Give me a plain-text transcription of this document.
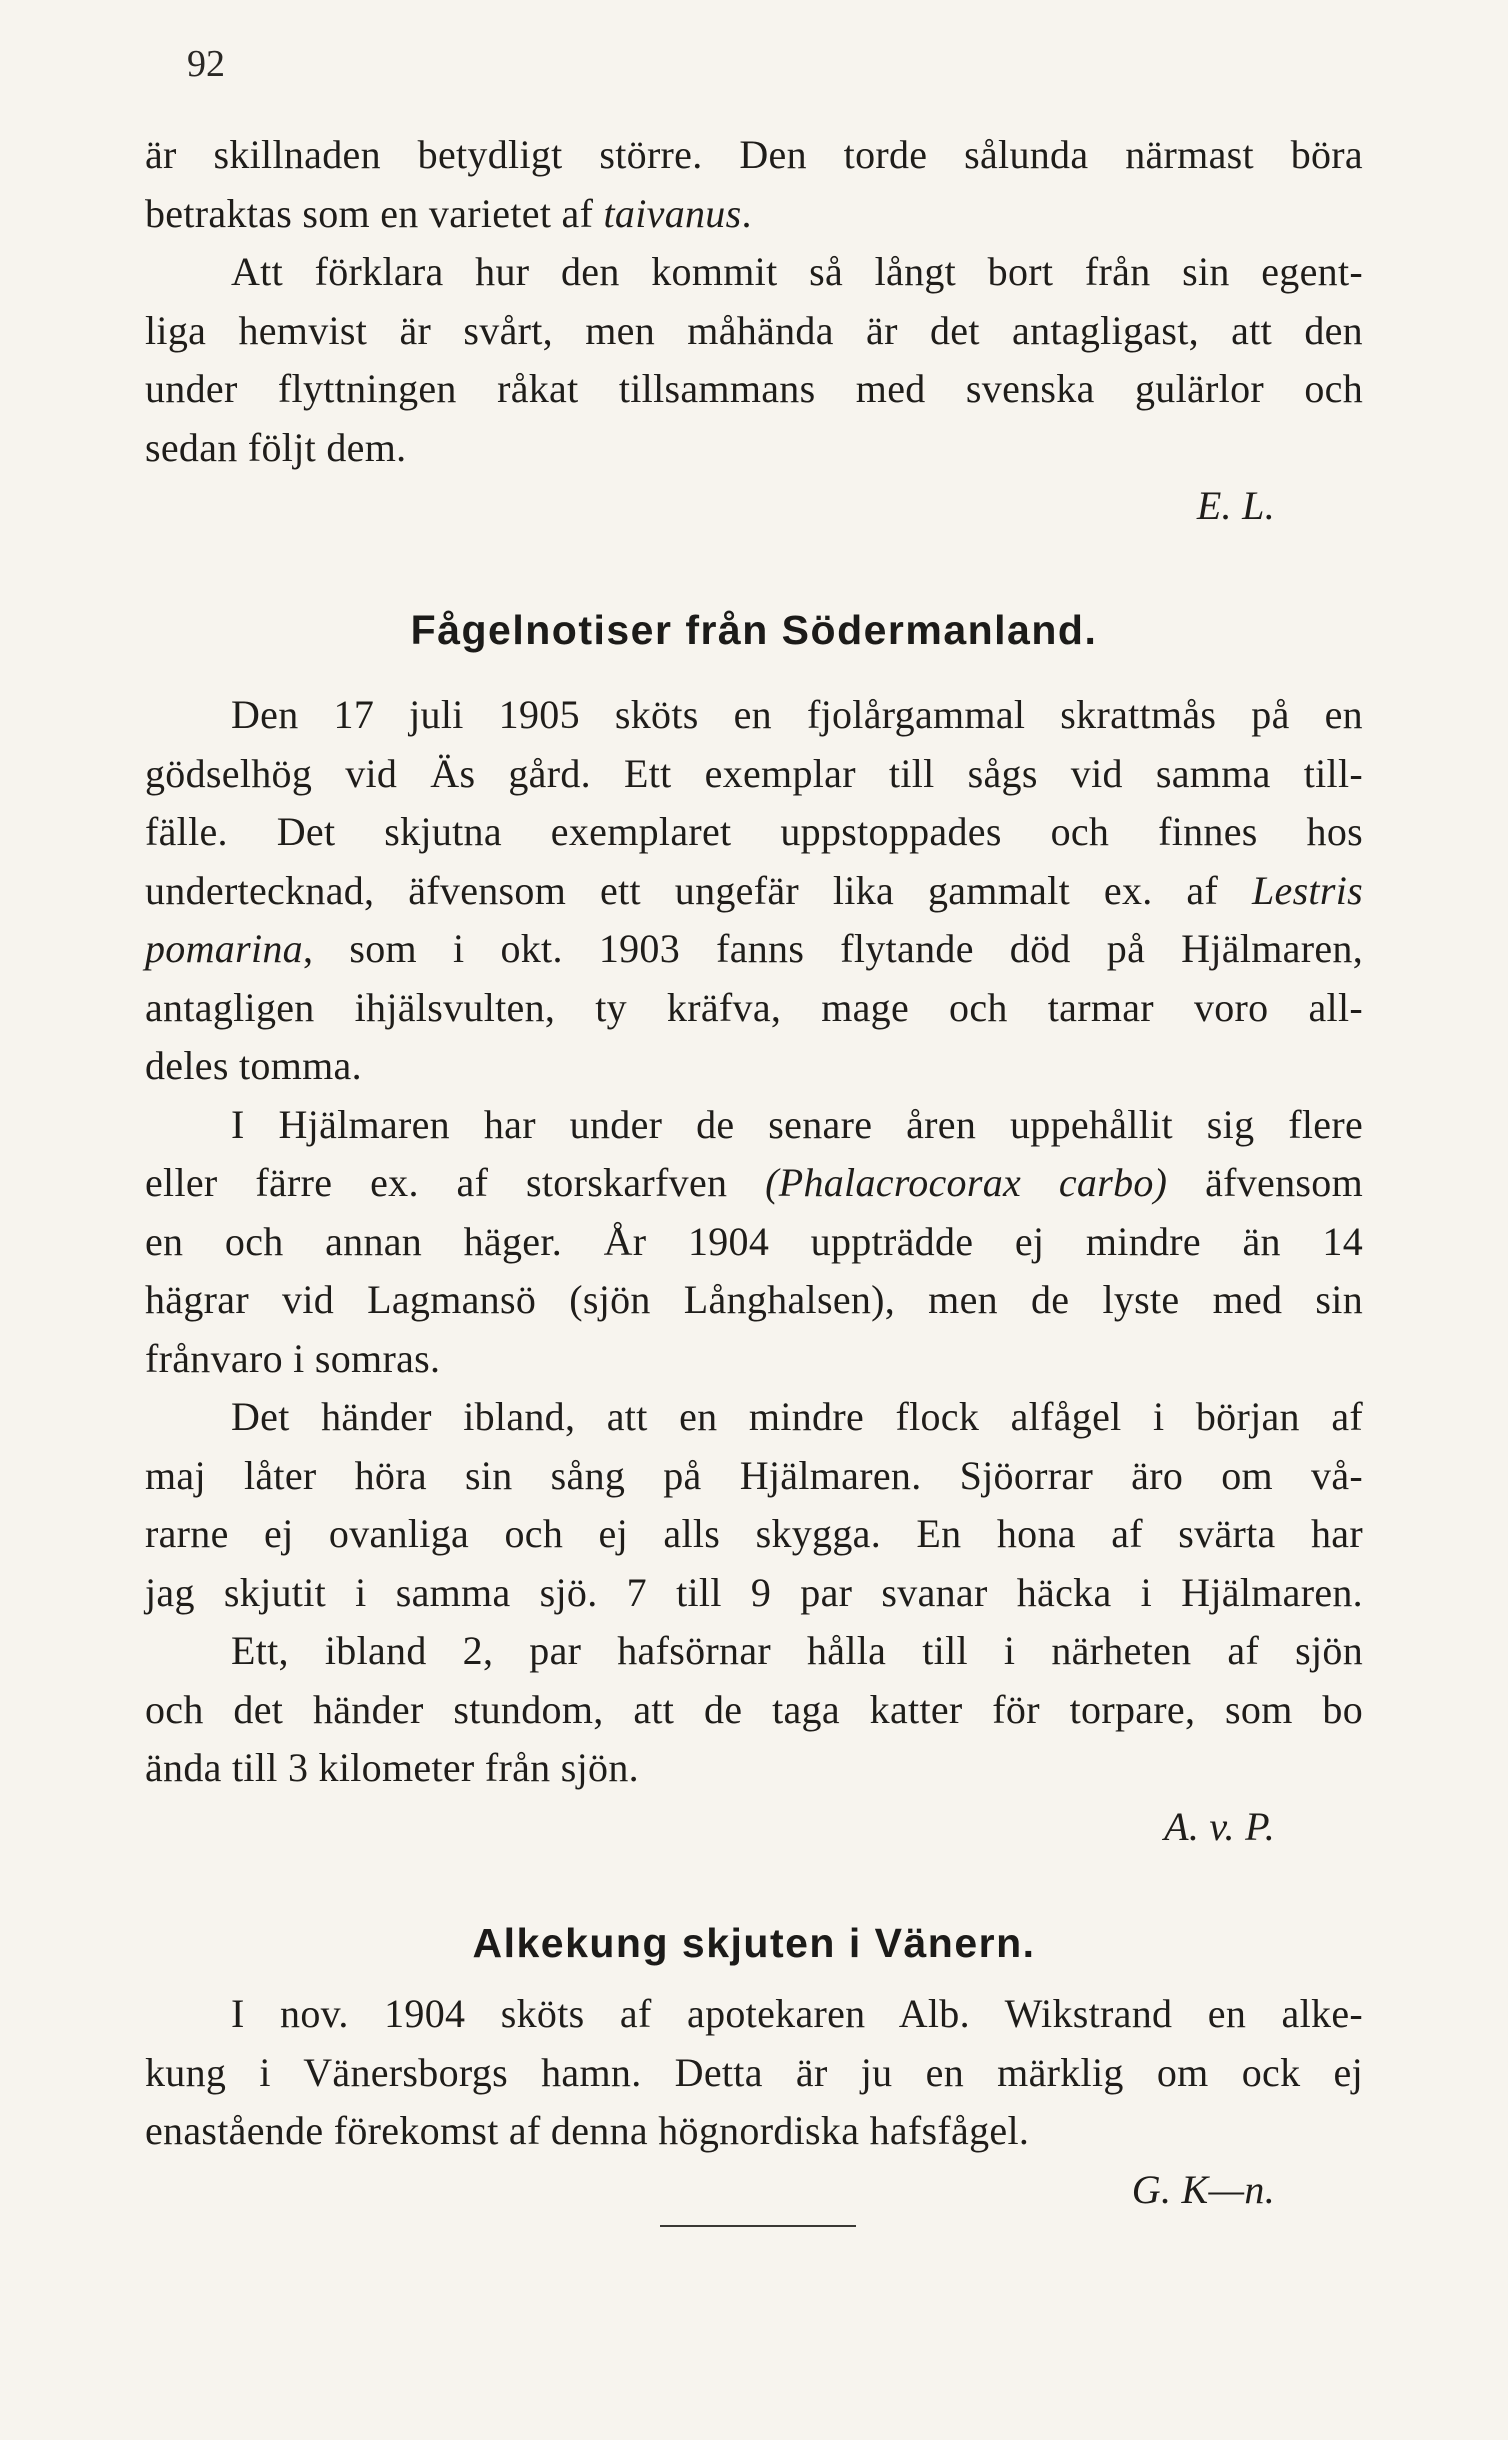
92
är skillnaden betydligt större. Den torde sålunda närmast böra
betraktas som en varietet af taivanus.
Att förklara hur den kommit så långt bort från sin egent-
liga hemvist är svårt, men måhända är det antagligast, att den
under flyttningen råkat tillsammans med svenska gulärlor och
sedan följt dem.
E. L.
Fågelnotiser från Södermanland.
Den 17 juli 1905 sköts en fjolårgammal skrattmås på en
gödselhög vid Äs gård. Ett exemplar till sågs vid samma till-
fälle. Det skjutna exemplaret uppstoppades och finnes hos
undertecknad, äfvensom ett ungefär lika gammalt ex. af Lestris
pomarina, som i okt. 1903 fanns flytande död på Hjälmaren,
antagligen ihjälsvulten, ty kräfva, mage och tarmar voro all-
deles tomma.
I Hjälmaren har under de senare åren uppehållit sig flere
eller färre ex. af storskarfven (Phalacrocorax carbo) äfvensom
en och annan häger. År 1904 uppträdde ej mindre än 14
hägrar vid Lagmansö (sjön Långhalsen), men de lyste med sin
frånvaro i somras.
Det händer ibland, att en mindre flock alfågel i början af
maj låter höra sin sång på Hjälmaren. Sjöorrar äro om vå-
rarne ej ovanliga och ej alls skygga. En hona af svärta har
jag skjutit i samma sjö. 7 till 9 par svanar häcka i Hjälmaren.
Ett, ibland 2, par hafsörnar hålla till i närheten af sjön
och det händer stundom, att de taga katter för torpare, som bo
ända till 3 kilometer från sjön.
A. v. P.
Alkekung skjuten i Vänern.
I nov. 1904 sköts af apotekaren Alb. Wikstrand en alke-
kung i Vänersborgs hamn. Detta är ju en märklig om ock ej
enastående förekomst af denna högnordiska hafsfågel.
G. K—n.
